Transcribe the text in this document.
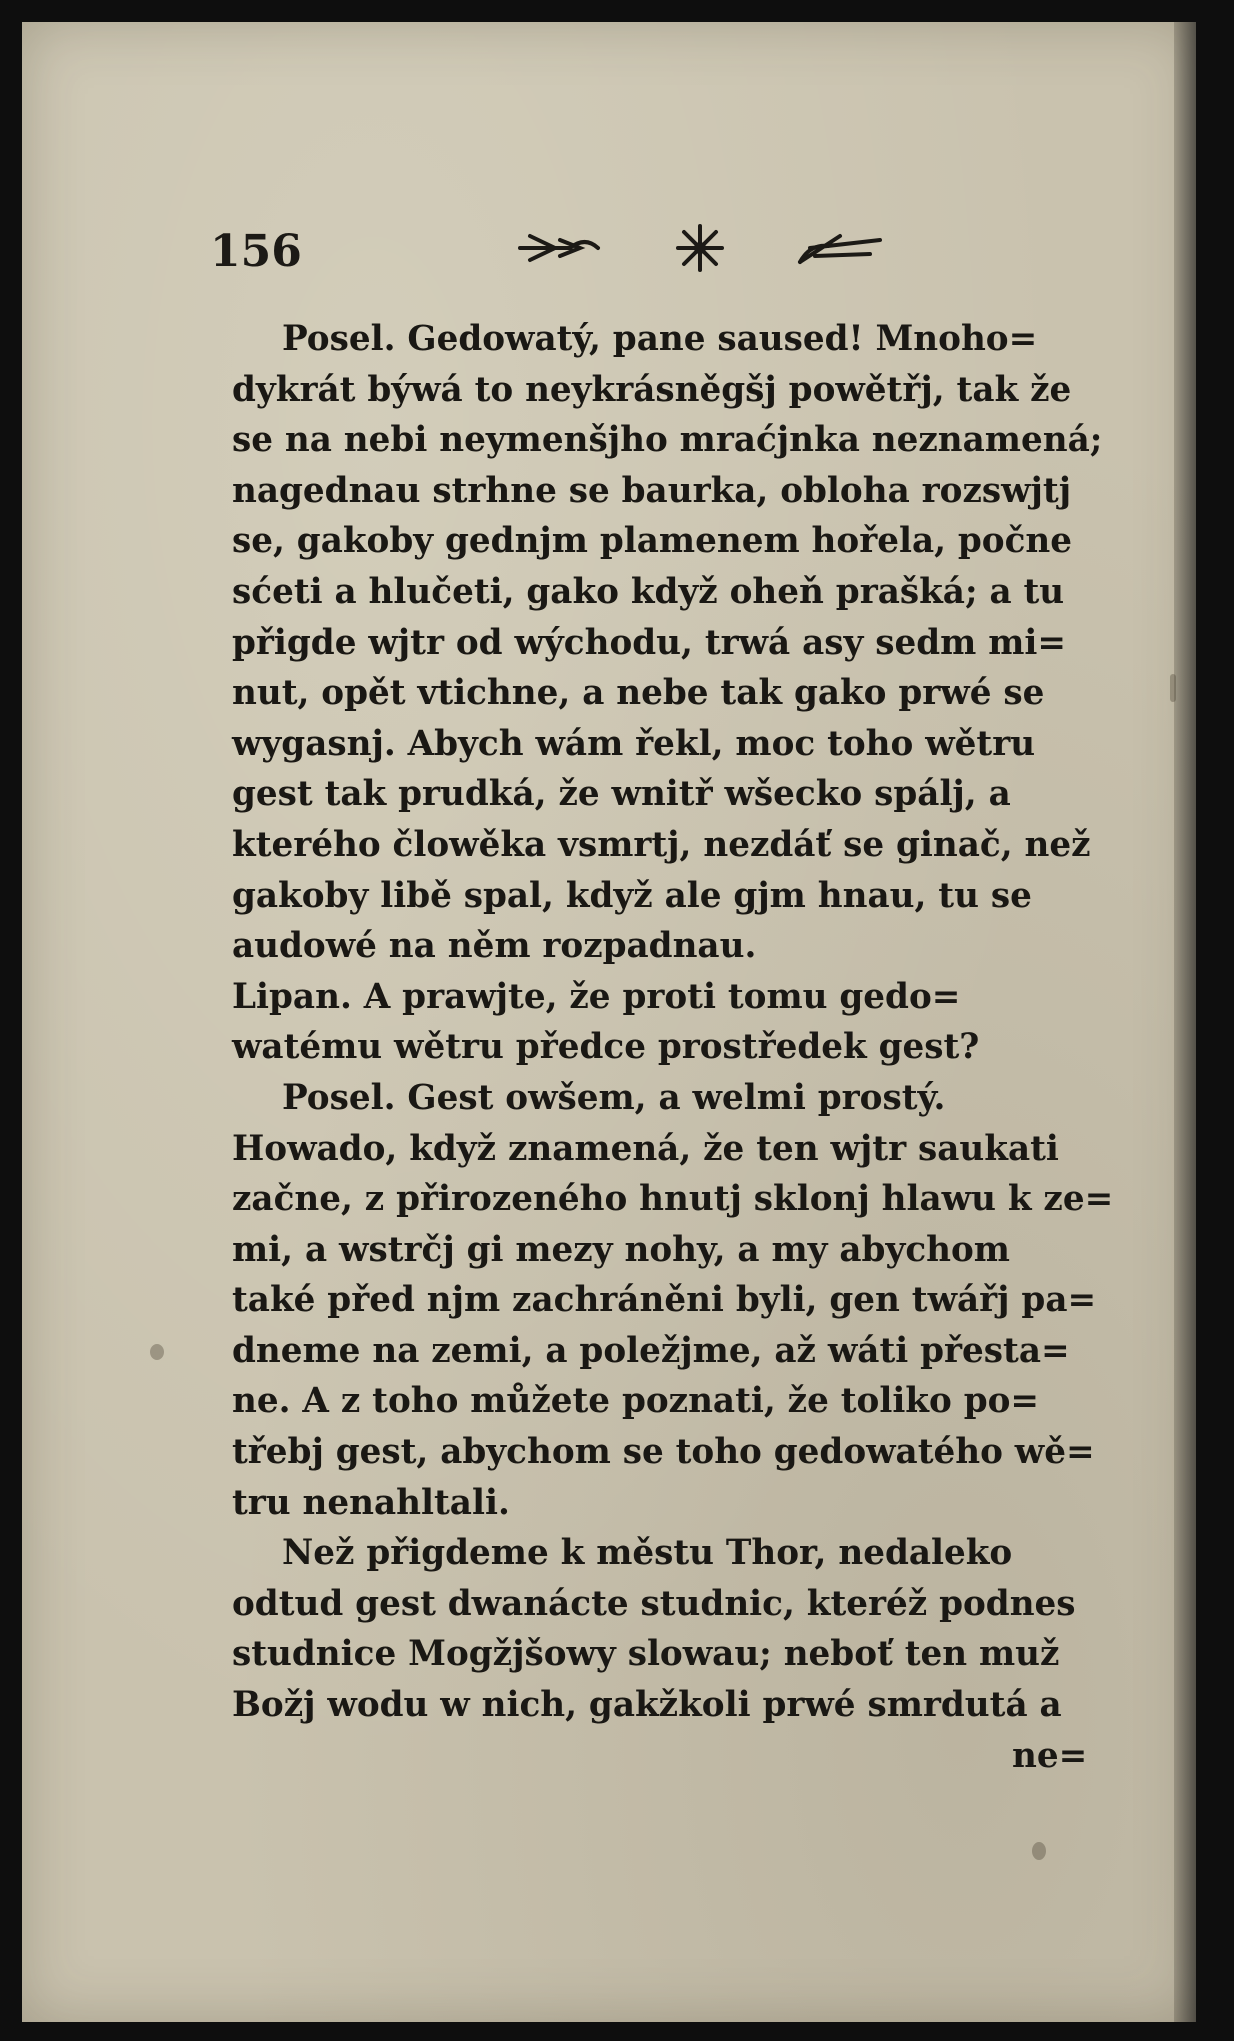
156
Posel. Gedowatý, pane saused! Mnoho=
dykrát býwá to neykrásněgšj powětřj, tak že
se na nebi neymenšjho mraćjnka neznamená;
nagednau strhne se baurka, obloha rozswjtj
se, gakoby gednjm plamenem hořela, počne
sćeti a hlučeti, gako když oheň prašká; a tu
přigde wjtr od wýchodu, trwá asy sedm mi=
nut, opět vtichne, a nebe tak gako prwé se
wygasnj. Abych wám řekl, moc toho wětru
gest tak prudká, že wnitř wšecko spálj, a
kterého člowěka vsmrtj, nezdáť se ginač, než
gakoby libě spal, když ale gjm hnau, tu se
audowé na něm rozpadnau.
Lipan. A prawjte, že proti tomu gedo=
watému wětru předce prostředek gest?
Posel. Gest owšem, a welmi prostý.
Howado, když znamená, že ten wjtr saukati
začne, z přirozeného hnutj sklonj hlawu k ze=
mi, a wstrčj gi mezy nohy, a my abychom
také před njm zachráněni byli, gen twářj pa=
dneme na zemi, a poležjme, až wáti přesta=
ne. A z toho můžete poznati, že toliko po=
třebj gest, abychom se toho gedowatého wě=
tru nenahltali.
Než přigdeme k městu Thor, nedaleko
odtud gest dwanácte studnic, kteréž podnes
studnice Mogžjšowy slowau; neboť ten muž
Božj wodu w nich, gakžkoli prwé smrdutá a
ne=
